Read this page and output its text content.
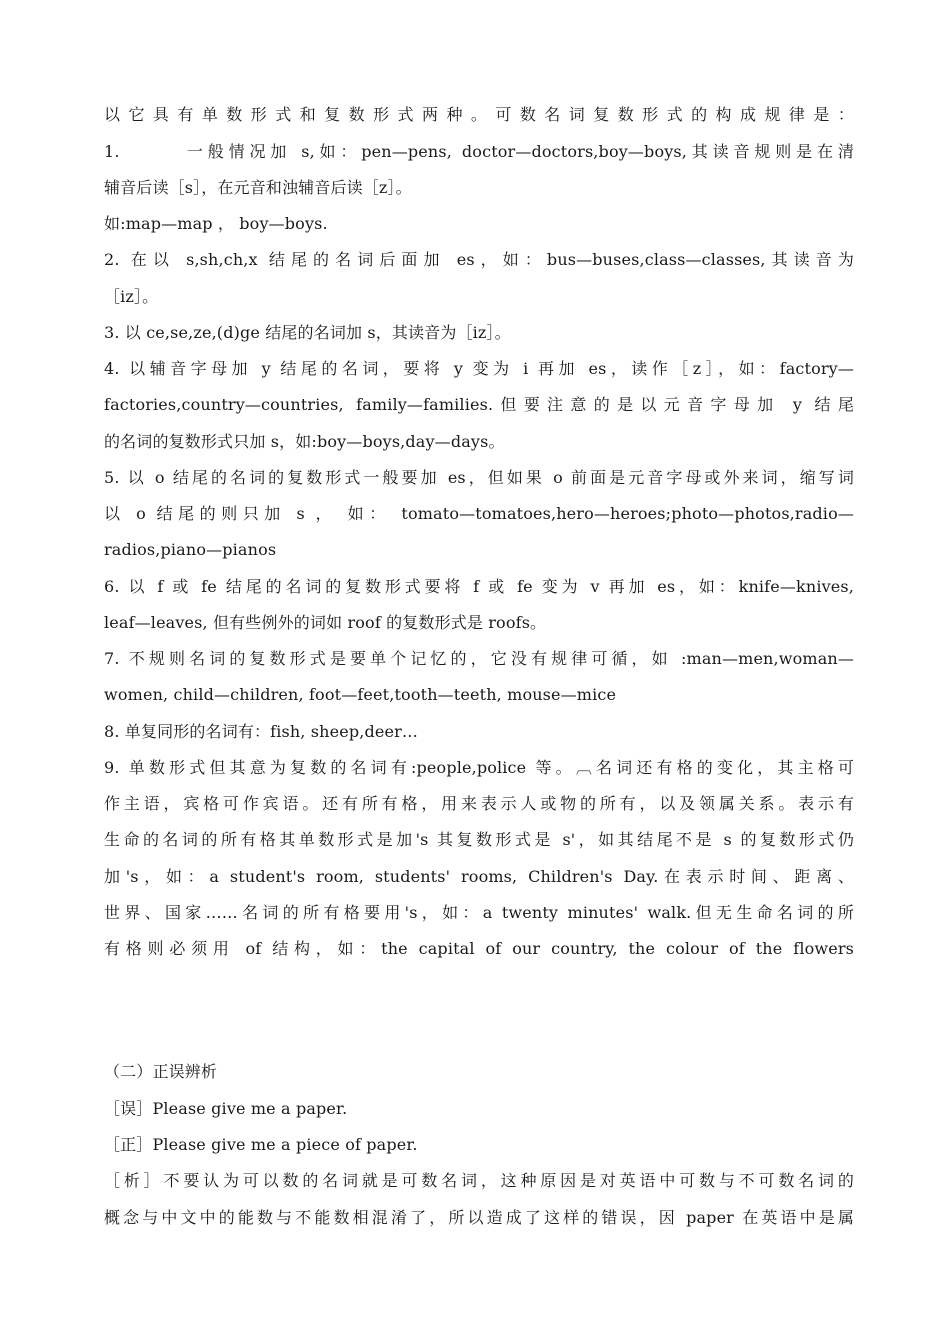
以它具有单数形式和复数形式两种。可数名词复数形式的构成规律是：
1.　　　一般情况加 s,如：pen—pens, doctor—doctors,boy—boys,其读音规则是在清
辅音后读［s］，在元音和浊辅音后读［z］。
如:map—map ， boy—boys.
2. 在以 s,sh,ch,x 结尾的名词后面加 es，如：bus—buses,class—classes,其读音为
［iz］。
3. 以 ce,se,ze,(d)ge 结尾的名词加 s，其读音为［iz］。
4. 以辅音字母加 y 结尾的名词，要将 y 变为 i 再加 es，读作［z］，如：factory—
factories,country—countries, family—families.但要注意的是以元音字母加 y 结尾
的名词的复数形式只加 s，如:boy—boys,day—days。
5. 以 o 结尾的名词的复数形式一般要加 es，但如果 o 前面是元音字母或外来词，缩写词
以 o 结尾的则只加 s ， 如： tomato—tomatoes,hero—heroes;photo—photos,radio—
radios,piano—pianos
6. 以 f 或 fe 结尾的名词的复数形式要将 f 或 fe 变为 v 再加 es，如：knife—knives,
leaf—leaves, 但有些例外的词如 roof 的复数形式是 roofs。
7. 不规则名词的复数形式是要单个记忆的，它没有规律可循，如 :man—men,woman—
women, child—children, foot—feet,tooth—teeth, mouse—mice
8. 单复同形的名词有：fish, sheep,deer…
9. 单数形式但其意为复数的名词有:people,police 等。︹名词还有格的变化，其主格可
作主语，宾格可作宾语。还有所有格，用来表示人或物的所有，以及领属关系。表示有
生命的名词的所有格其单数形式是加's 其复数形式是 s'，如其结尾不是 s 的复数形式仍
加's，如：a student's room, students' rooms, Children's Day.在表示时间、距离、
世界、国家……名词的所有格要用's，如：a twenty minutes' walk.但无生命名词的所
有格则必须用 of 结构，如：the capital of our country, the colour of the flowers
（二）正误辨析
［误］Please give me a paper.
［正］Please give me a piece of paper.
［析］不要认为可以数的名词就是可数名词，这种原因是对英语中可数与不可数名词的
概念与中文中的能数与不能数相混淆了，所以造成了这样的错误，因 paper 在英语中是属
